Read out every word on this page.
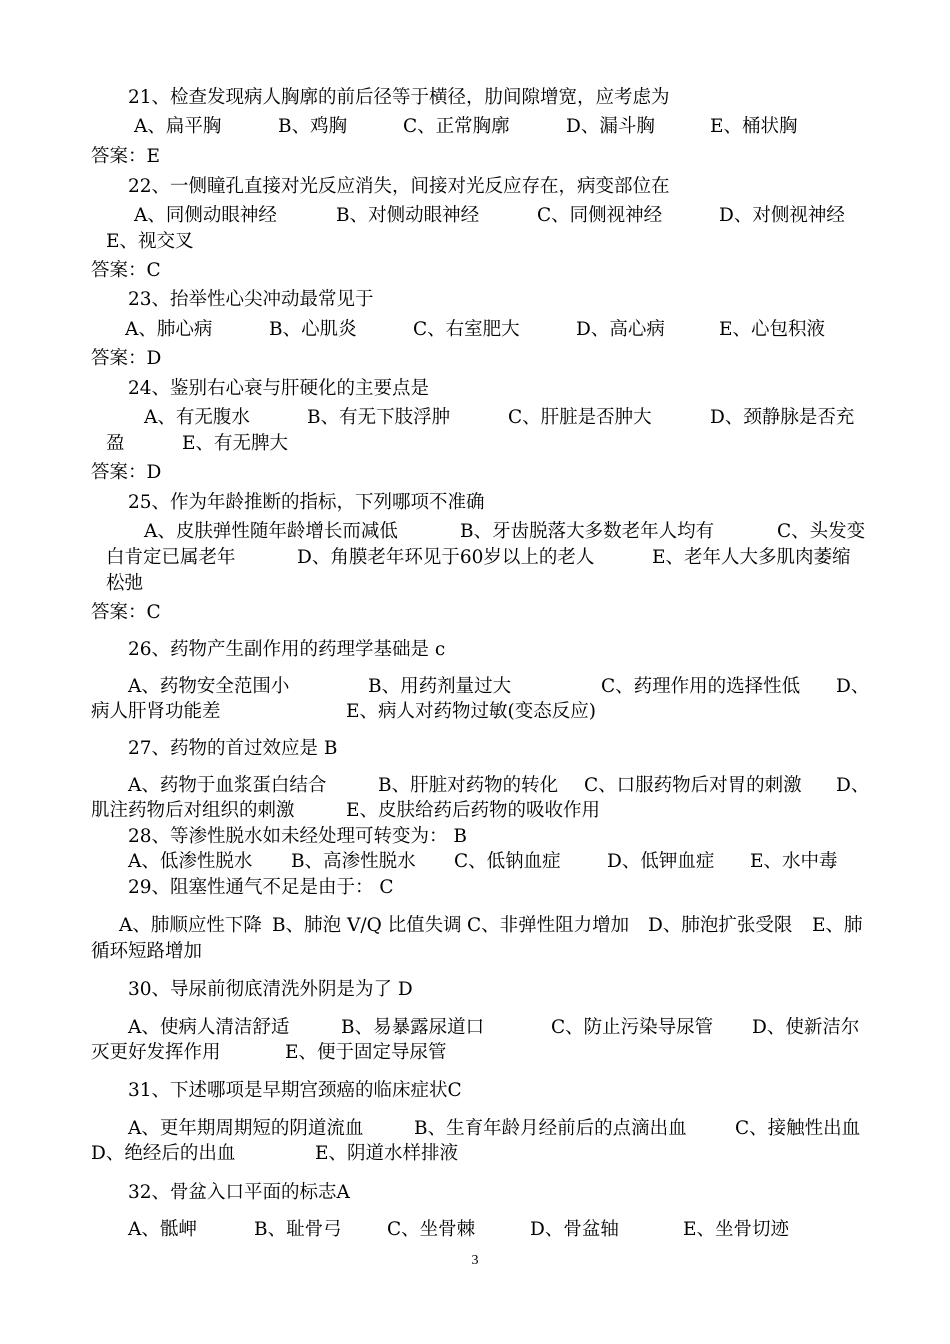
21、检查发现病人胸廓的前后径等于横径，肋间隙增宽，应考虑为
A、扁平胸	B、鸡胸	C、正常胸廓	D、漏斗胸	E、桶状胸
答案：E
22、一侧瞳孔直接对光反应消失，间接对光反应存在，病变部位在
A、同侧动眼神经	B、对侧动眼神经	C、同侧视神经	D、对侧视神经
E、视交叉
答案：C
23、抬举性心尖冲动最常见于
A、肺心病	B、心肌炎	C、右室肥大	D、高心病	E、心包积液
答案：D
24、鉴别右心衰与肝硬化的主要点是
A、有无腹水	B、有无下肢浮肿	C、肝脏是否肿大	D、颈静脉是否充
盈	E、有无脾大
答案：D
25、作为年龄推断的指标，下列哪项不准确
A、皮肤弹性随年龄增长而减低	B、牙齿脱落大多数老年人均有	C、头发变
白肯定已属老年	D、角膜老年环见于60岁以上的老人	E、老年人大多肌肉萎缩
松弛
答案：C
26、药物产生副作用的药理学基础是 c
A、药物安全范围小	B、用药剂量过大	C、药理作用的选择性低 D、
病人肝肾功能差	E、病人对药物过敏(变态反应)
27、药物的首过效应是 B
A、药物于血浆蛋白结合	B、肝脏对药物的转化 C、口服药物后对胃的刺激 D、
肌注药物后对组织的刺激	E、皮肤给药后药物的吸收作用
28、等渗性脱水如未经处理可转变为： B
A、低渗性脱水 B、高渗性脱水 C、低钠血症	D、低钾血症 E、水中毒
29、阻塞性通气不足是由于： C
A、肺顺应性下降 B、肺泡 V/Q 比值失调 C、非弹性阻力增加 D、肺泡扩张受限 E、肺
循环短路增加
30、导尿前彻底清洗外阴是为了 D
A、使病人清洁舒适	B、易暴露尿道口	C、防止污染导尿管 D、使新洁尔
灭更好发挥作用	E、便于固定导尿管
31、下述哪项是早期宫颈癌的临床症状C
A、更年期周期短的阴道流血	B、生育年龄月经前后的点滴出血	C、接触性出血
D、绝经后的出血	E、阴道水样排液
32、骨盆入口平面的标志A
A、骶岬	B、耻骨弓 C、坐骨棘	D、骨盆轴	E、坐骨切迹
3
